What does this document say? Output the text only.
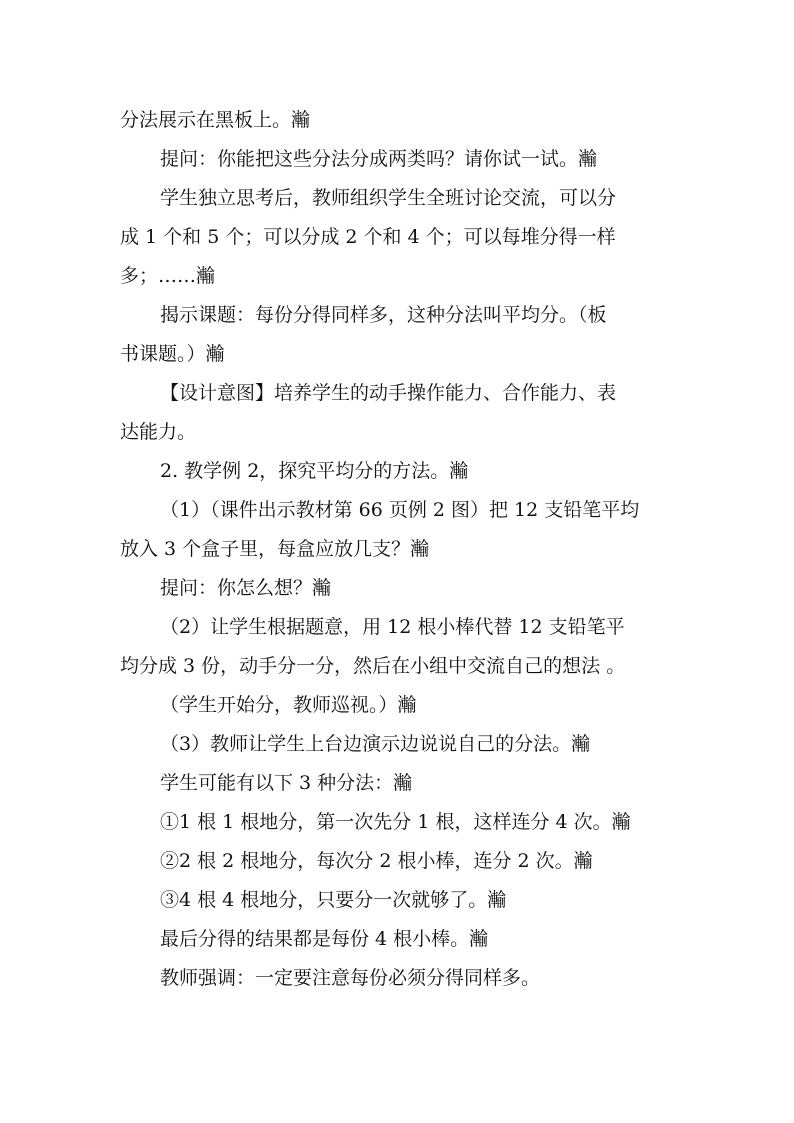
分法展示在黑板上。瀭
提问：你能把这些分法分成两类吗？请你试一试。瀭
学生独立思考后，教师组织学生全班讨论交流，可以分
成 1 个和 5 个；可以分成 2 个和 4 个；可以每堆分得一样
多；……瀭
揭示课题：每份分得同样多，这种分法叫平均分。（板
书课题。）瀭
【设计意图】培养学生的动手操作能力、合作能力、表
达能力。
2. 教学例 2，探究平均分的方法。瀭
（1）（课件出示教材第 66 页例 2 图）把 12 支铅笔平均
放入 3 个盒子里，每盒应放几支？瀭
提问：你怎么想？瀭
（2）让学生根据题意，用 12 根小棒代替 12 支铅笔平
均分成 3 份，动手分一分，然后在小组中交流自己的想法 。
（学生开始分，教师巡视。）瀭
（3）教师让学生上台边演示边说说自己的分法。瀭
学生可能有以下 3 种分法：瀭
①1 根 1 根地分，第一次先分 1 根，这样连分 4 次。瀭
②2 根 2 根地分，每次分 2 根小棒，连分 2 次。瀭
③4 根 4 根地分，只要分一次就够了。瀭
最后分得的结果都是每份 4 根小棒。瀭
教师强调：一定要注意每份必须分得同样多。
